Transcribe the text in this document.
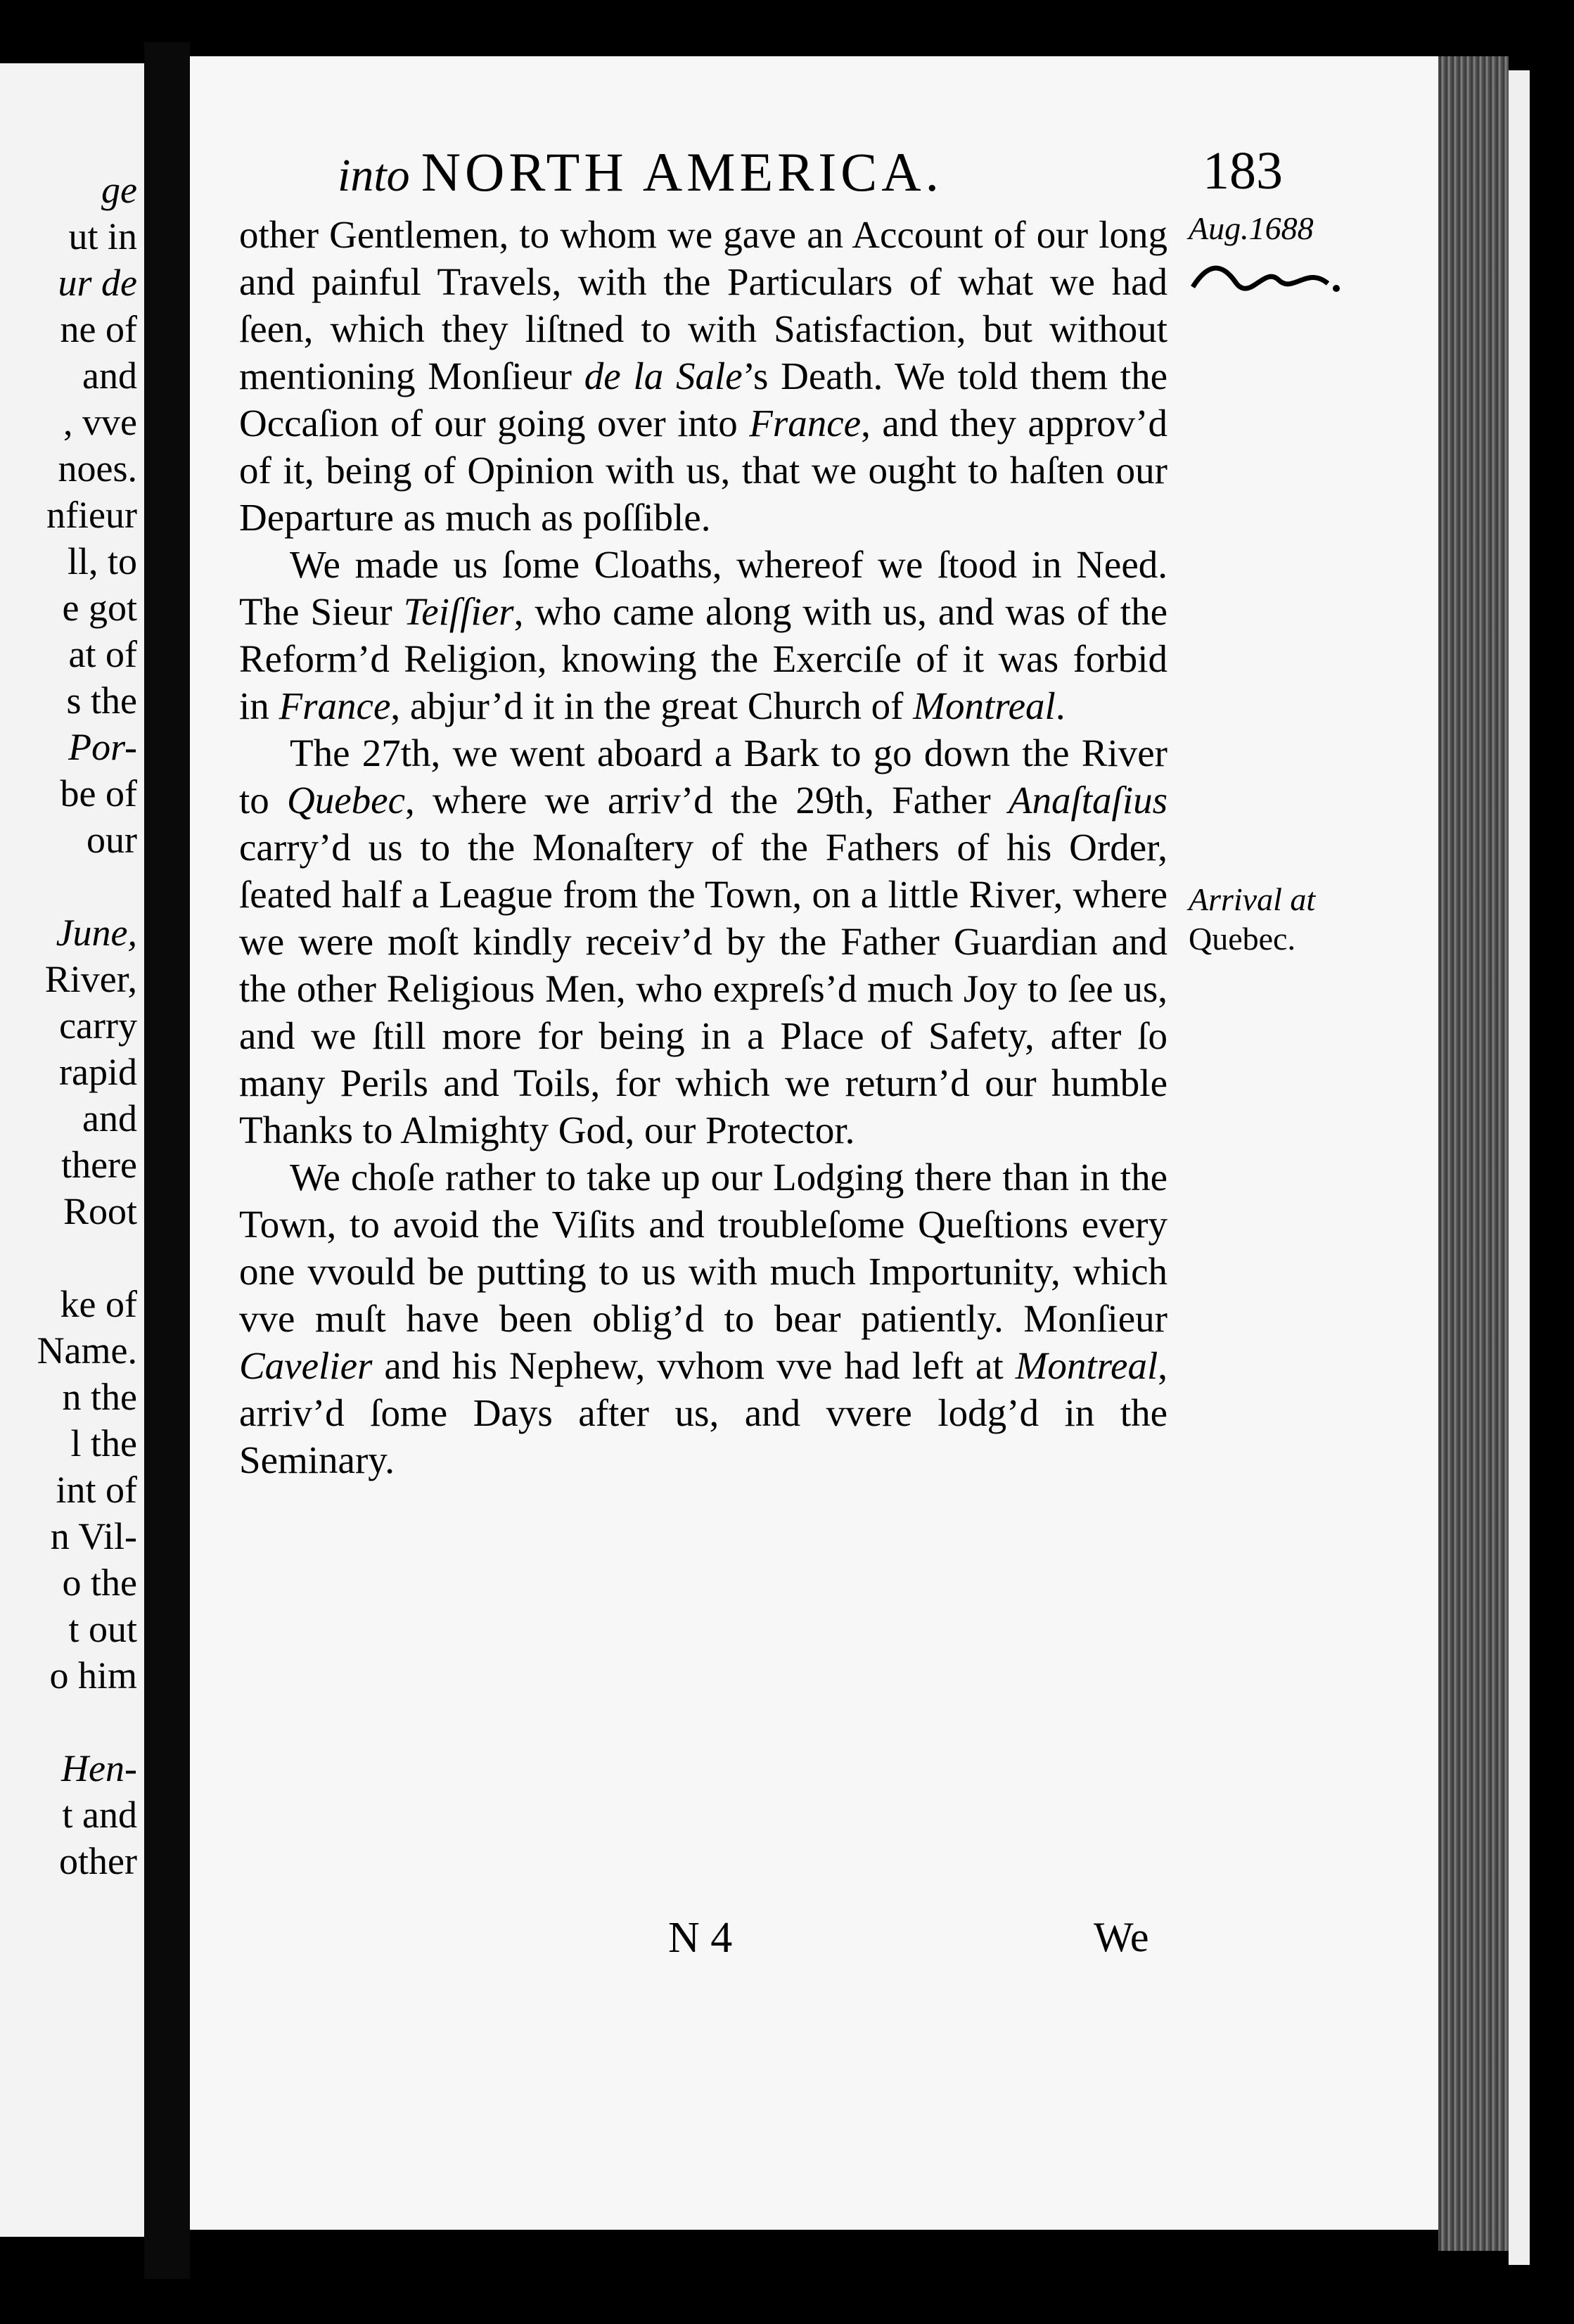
ge
ut in
ur de
ne of
and
, vve
noes.
nfieur
ll, to
e got
at of
s the
Por-
be of
our
June,
River,
carry
rapid
and
there
Root
ke of
Name.
n the
l the
int of
n Vil-
o the
t out
o him
Hen-
t and
other
into NORTH AMERICA.	183
Aug.1688
Arrival at
Quebec.

other Gentlemen, to whom we gave an Account of our long and painful Travels, with the Particulars of what we had ſeen, which they liſtned to with Satisfaction, but without mentioning Monſieur de la Sale’s Death. We told them the Occaſion of our going over into France, and they approv’d of it, being of Opinion with us, that we ought to haſten our Departure as much as poſſible.

We made us ſome Cloaths, whereof we ſtood in Need. The Sieur Teiſſier, who came along with us, and was of the Reform’d Religion, knowing the Exerciſe of it was forbid in France, abjur’d it in the great Church of Montreal.

The 27th, we went aboard a Bark to go down the River to Quebec, where we arriv’d the 29th, Father Anaſtaſius carry’d us to the Monaſtery of the Fathers of his Order, ſeated half a League from the Town, on a little River, where we were moſt kindly receiv’d by the Father Guardian and the other Religious Men, who expreſs’d much Joy to ſee us, and we ſtill more for being in a Place of Safety, after ſo many Perils and Toils, for which we return’d our humble Thanks to Almighty God, our Protector.

We choſe rather to take up our Lodging there than in the Town, to avoid the Viſits and troubleſome Queſtions every one vvould be putting to us with much Importunity, which vve muſt have been oblig’d to bear patiently. Monſieur Cavelier and his Nephew, vvhom vve had left at Montreal, arriv’d ſome Days after us, and vvere lodg’d in the Seminary.

N 4	We
